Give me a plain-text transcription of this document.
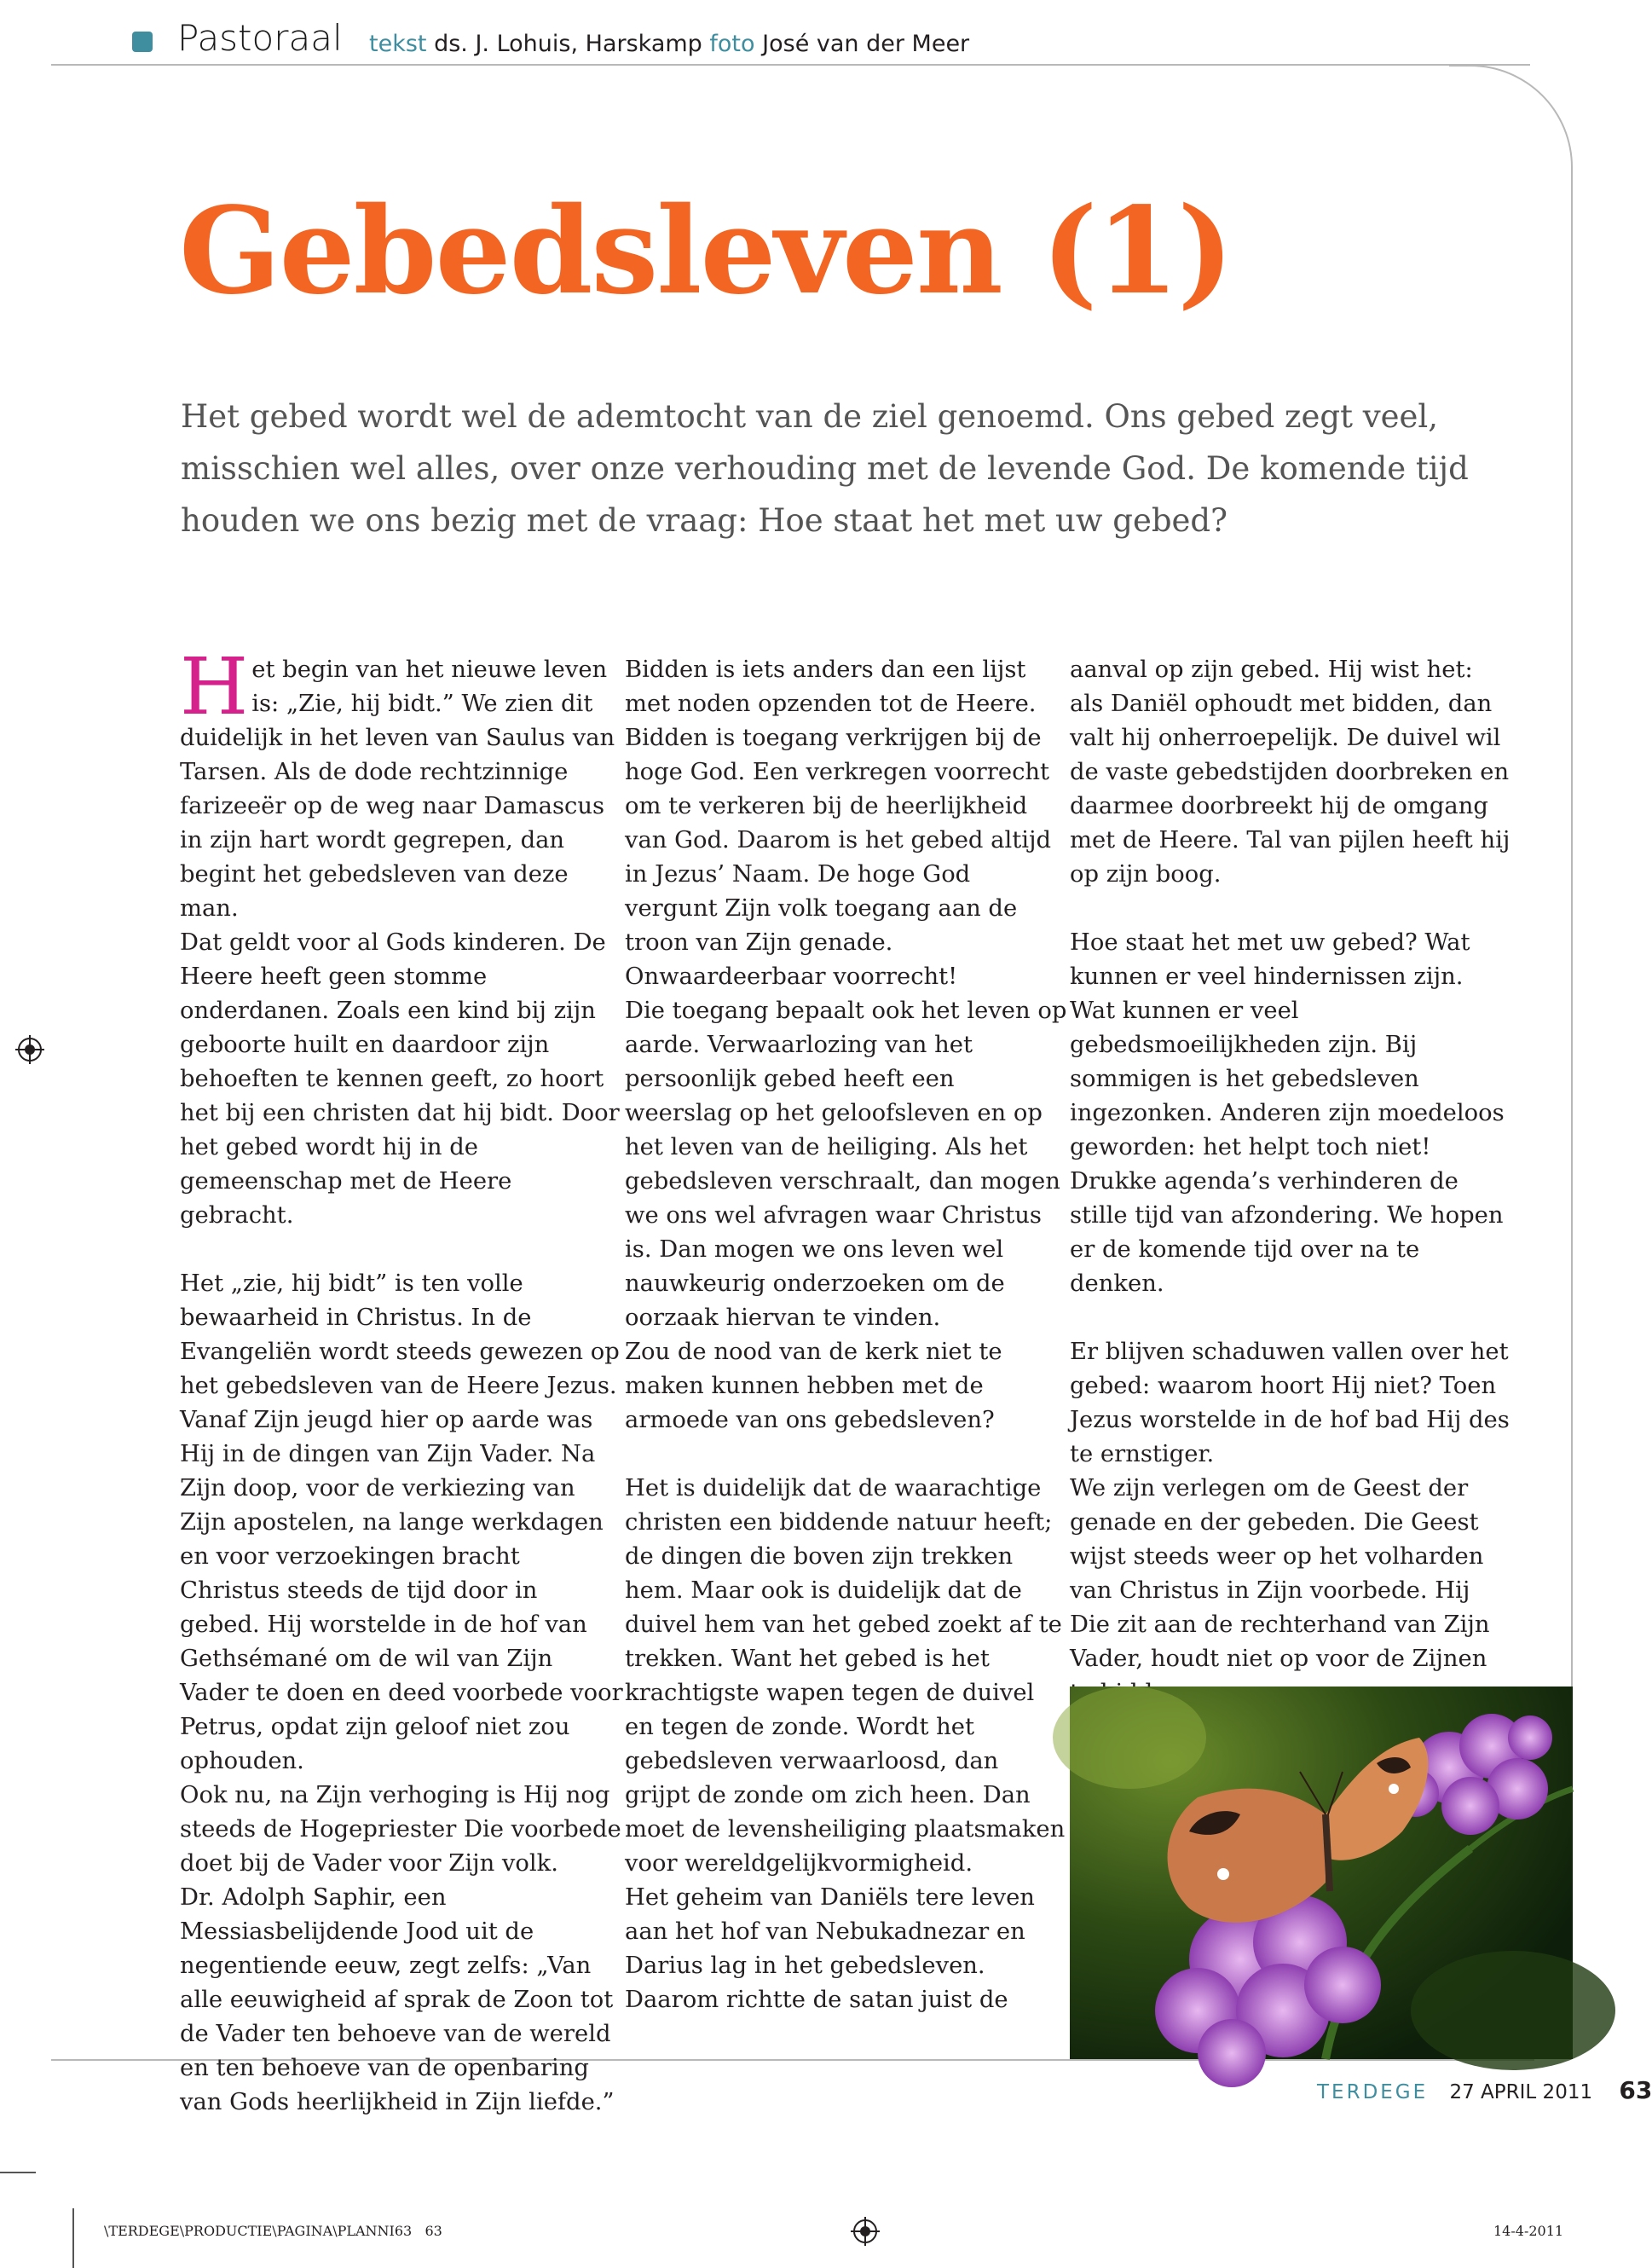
Pastoraal tekst ds. J. Lohuis, Harskamp foto José van der Meer
Gebedsleven (1)

Het gebed wordt wel de ademtocht van de ziel genoemd. Ons gebed zegt veel, misschien wel alles, over onze verhouding met de levende God. De komende tijd houden we ons bezig met de vraag: Hoe staat het met uw gebed?

Het begin van het nieuwe leven is: „Zie, hij bidt.” We zien dit duidelijk in het leven van Saulus van Tarsen. Als de dode rechtzinnige farizeeër op de weg naar Damascus in zijn hart wordt gegrepen, dan begint het gebedsleven van deze man.

Dat geldt voor al Gods kinderen. De Heere heeft geen stomme onderdanen. Zoals een kind bij zijn geboorte huilt en daardoor zijn behoeften te kennen geeft, zo hoort het bij een christen dat hij bidt. Door het gebed wordt hij in de gemeenschap met de Heere gebracht.

Het „zie, hij bidt” is ten volle bewaarheid in Christus. In de Evangeliën wordt steeds gewezen op het gebedsleven van de Heere Jezus. Vanaf Zijn jeugd hier op aarde was Hij in de dingen van Zijn Vader. Na Zijn doop, voor de verkiezing van Zijn apostelen, na lange werkdagen en voor verzoekingen bracht Christus steeds de tijd door in gebed. Hij worstelde in de hof van Gethsémané om de wil van Zijn Vader te doen en deed voorbede voor Petrus, opdat zijn geloof niet zou ophouden.

Ook nu, na Zijn verhoging is Hij nog steeds de Hogepriester Die voorbede doet bij de Vader voor Zijn volk.

Dr. Adolph Saphir, een Messiasbelijdende Jood uit de negentiende eeuw, zegt zelfs: „Van alle eeuwigheid af sprak de Zoon tot de Vader ten behoeve van de wereld en ten behoeve van de openbaring van Gods heerlijkheid in Zijn liefde.”

Bidden is iets anders dan een lijst met noden opzenden tot de Heere. Bidden is toegang verkrijgen bij de hoge God. Een verkregen voorrecht om te verkeren bij de heerlijkheid van God. Daarom is het gebed altijd in Jezus’ Naam. De hoge God vergunt Zijn volk toegang aan de troon van Zijn genade. Onwaardeerbaar voorrecht!

Die toegang bepaalt ook het leven op aarde. Verwaarlozing van het persoonlijk gebed heeft een weerslag op het geloofsleven en op het leven van de heiliging. Als het gebedsleven verschraalt, dan mogen we ons wel afvragen waar Christus is. Dan mogen we ons leven wel nauwkeurig onderzoeken om de oorzaak hiervan te vinden.

Zou de nood van de kerk niet te maken kunnen hebben met de armoede van ons gebedsleven?

Het is duidelijk dat de waarachtige christen een biddende natuur heeft; de dingen die boven zijn trekken hem. Maar ook is duidelijk dat de duivel hem van het gebed zoekt af te trekken. Want het gebed is het krachtigste wapen tegen de duivel en tegen de zonde. Wordt het gebedsleven verwaarloosd, dan grijpt de zonde om zich heen. Dan moet de levensheiliging plaatsmaken voor wereldgelijkvormigheid.

Het geheim van Daniëls tere leven aan het hof van Nebukadnezar en Darius lag in het gebedsleven. Daarom richtte de satan juist de

aanval op zijn gebed. Hij wist het: als Daniël ophoudt met bidden, dan valt hij onherroepelijk. De duivel wil de vaste gebedstijden doorbreken en daarmee doorbreekt hij de omgang met de Heere. Tal van pijlen heeft hij op zijn boog.

Hoe staat het met uw gebed? Wat kunnen er veel hindernissen zijn. Wat kunnen er veel gebedsmoeilijkheden zijn. Bij sommigen is het gebedsleven ingezonken. Anderen zijn moedeloos geworden: het helpt toch niet! Drukke agenda’s verhinderen de stille tijd van afzondering. We hopen er de komende tijd over na te denken.

Er blijven schaduwen vallen over het gebed: waarom hoort Hij niet? Toen Jezus worstelde in de hof bad Hij des te ernstiger.

We zijn verlegen om de Geest der genade en der gebeden. Die Geest wijst steeds weer op het volharden van Christus in Zijn voorbede. Hij Die zit aan de rechterhand van Zijn Vader, houdt niet op voor de Zijnen

TERDEGE 27 APRIL 2011 63
\TERDEGE\PRODUCTIE\PAGINA\PLANNI63 63	14-4-2011
